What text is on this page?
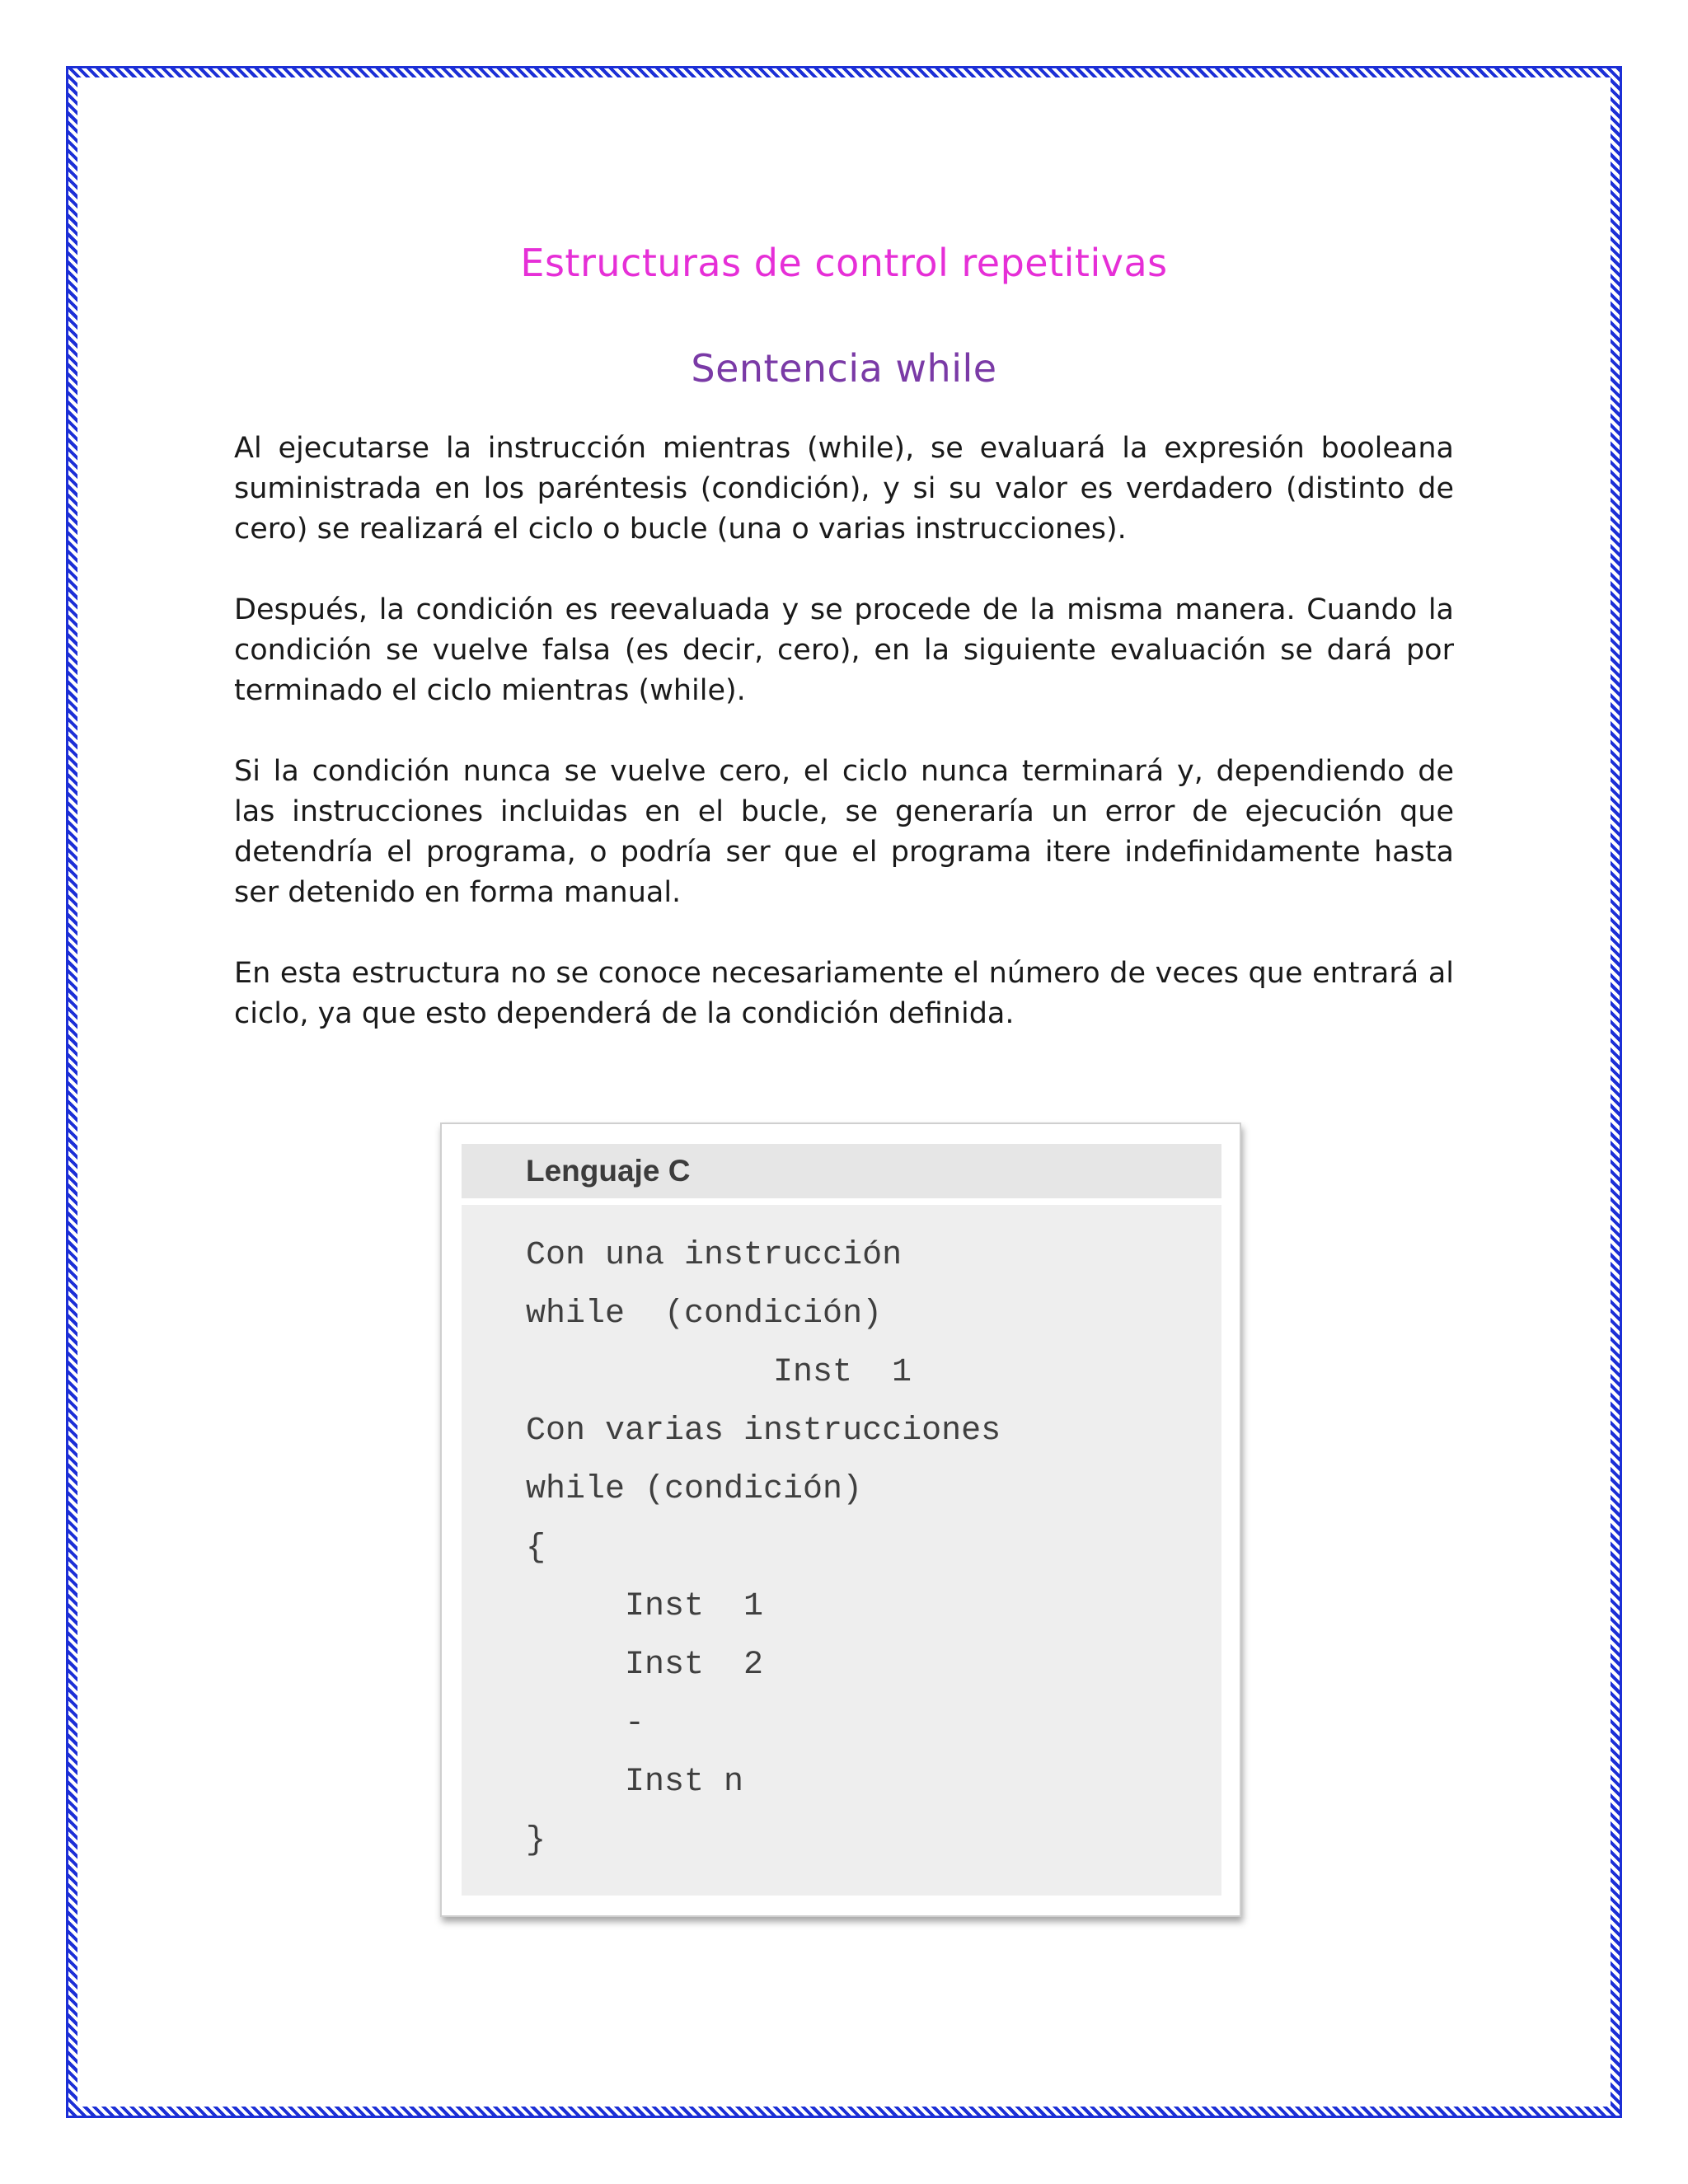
Estructuras de control repetitivas
Sentencia while

Al ejecutarse la instrucción mientras (while), se evaluará la expresión booleana suministrada en los paréntesis (condición), y si su valor es verdadero (distinto de cero) se realizará el ciclo o bucle (una o varias instrucciones).

Después, la condición es reevaluada y se procede de la misma manera. Cuando la condición se vuelve falsa (es decir, cero), en la siguiente evaluación se dará por terminado el ciclo mientras (while).

Si la condición nunca se vuelve cero, el ciclo nunca terminará y, dependiendo de las instrucciones incluidas en el bucle, se generaría un error de ejecución que detendría el programa, o podría ser que el programa itere indefinidamente hasta ser detenido en forma manual.

En esta estructura no se conoce necesariamente el número de veces que entrará al ciclo, ya que esto dependerá de la condición definida.

Lenguaje C
Con una instrucción
while  (condición)
Inst  1
Con varias instrucciones
while (condición)
{
Inst  1
Inst  2
-
Inst n
}
